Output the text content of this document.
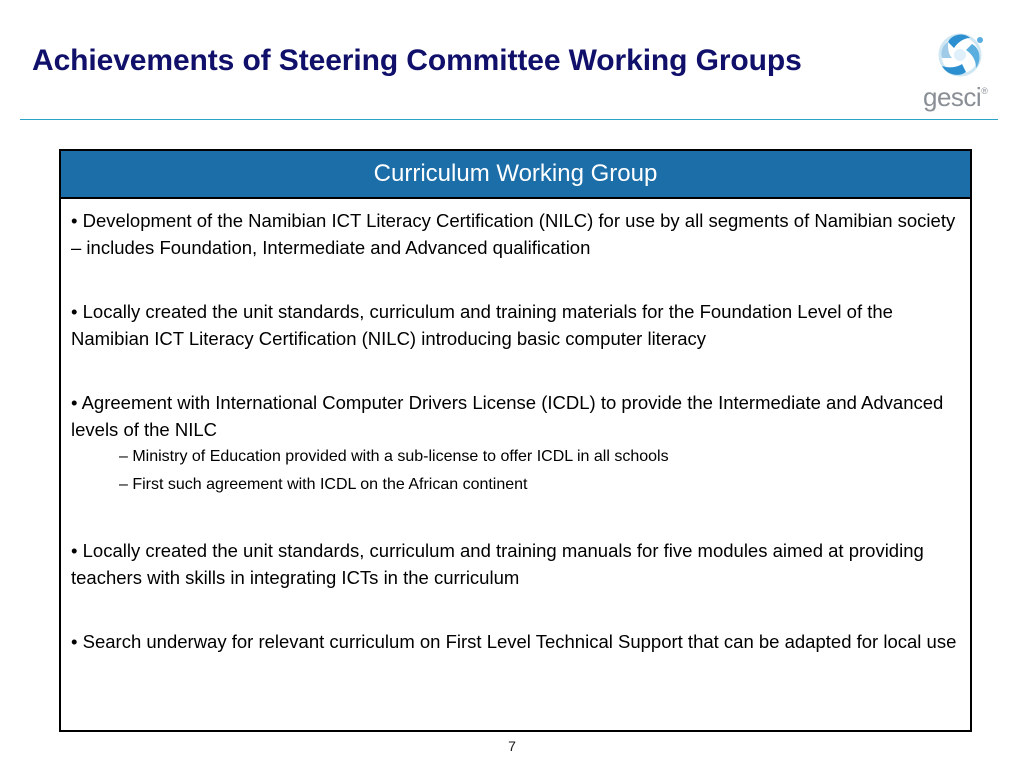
Achievements of Steering Committee Working Groups
gesci®
Curriculum Working Group

• Development of the Namibian ICT Literacy Certification (NILC) for use by all segments of Namibian society – includes Foundation, Intermediate and Advanced qualification

• Locally created the unit standards, curriculum and training materials for the Foundation Level of the Namibian ICT Literacy Certification (NILC) introducing basic computer literacy

• Agreement with International Computer Drivers License (ICDL) to provide the Intermediate and Advanced levels of the NILC

– Ministry of Education provided with a sub-license to offer ICDL in all schools

– First such agreement with ICDL on the African continent

• Locally created the unit standards, curriculum and training manuals for five modules aimed at providing teachers with skills in integrating ICTs in the curriculum

• Search underway for relevant curriculum on First Level Technical Support that can be adapted for local use

7
